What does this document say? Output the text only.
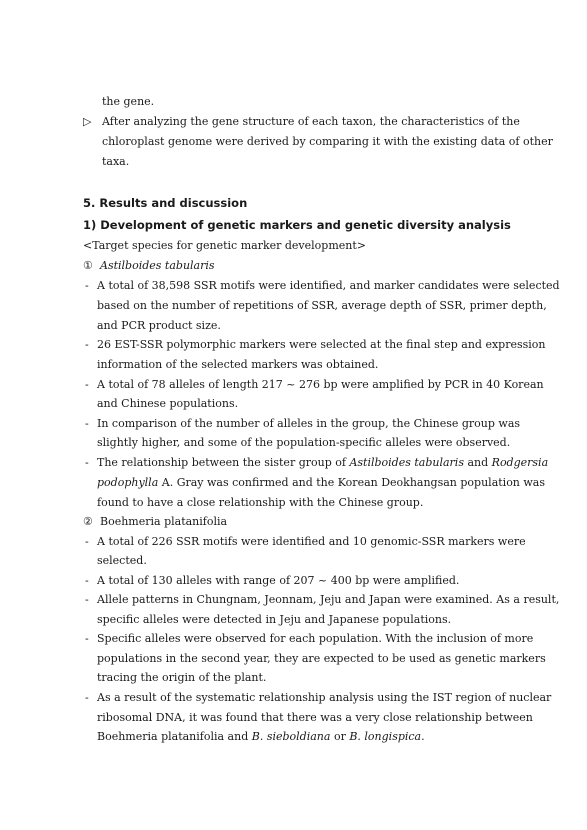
the gene.
▷ After analyzing the gene structure of each taxon, the characteristics of the
chloroplast genome were derived by comparing it with the existing data of other
taxa.
5. Results and discussion
1) Development of genetic markers and genetic diversity analysis
<Target species for genetic marker development>
① Astilboides tabularis
- A total of 38,598 SSR motifs were identified, and marker candidates were selected
based on the number of repetitions of SSR, average depth of SSR, primer depth,
and PCR product size.
- 26 EST-SSR polymorphic markers were selected at the final step and expression
information of the selected markers was obtained.
- A total of 78 alleles of length 217 ~ 276 bp were amplified by PCR in 40 Korean
and Chinese populations.
- In comparison of the number of alleles in the group, the Chinese group was
slightly higher, and some of the population-specific alleles were observed.
- The relationship between the sister group of Astilboides tabularis and Rodgersia
podophylla A. Gray was confirmed and the Korean Deokhangsan population was
found to have a close relationship with the Chinese group.
② Boehmeria platanifolia
- A total of 226 SSR motifs were identified and 10 genomic-SSR markers were
selected.
- A total of 130 alleles with range of 207 ~ 400 bp were amplified.
- Allele patterns in Chungnam, Jeonnam, Jeju and Japan were examined. As a result,
specific alleles were detected in Jeju and Japanese populations.
- Specific alleles were observed for each population. With the inclusion of more
populations in the second year, they are expected to be used as genetic markers
tracing the origin of the plant.
- As a result of the systematic relationship analysis using the IST region of nuclear
ribosomal DNA, it was found that there was a very close relationship between
Boehmeria platanifolia and B. sieboldiana or B. longispica.
